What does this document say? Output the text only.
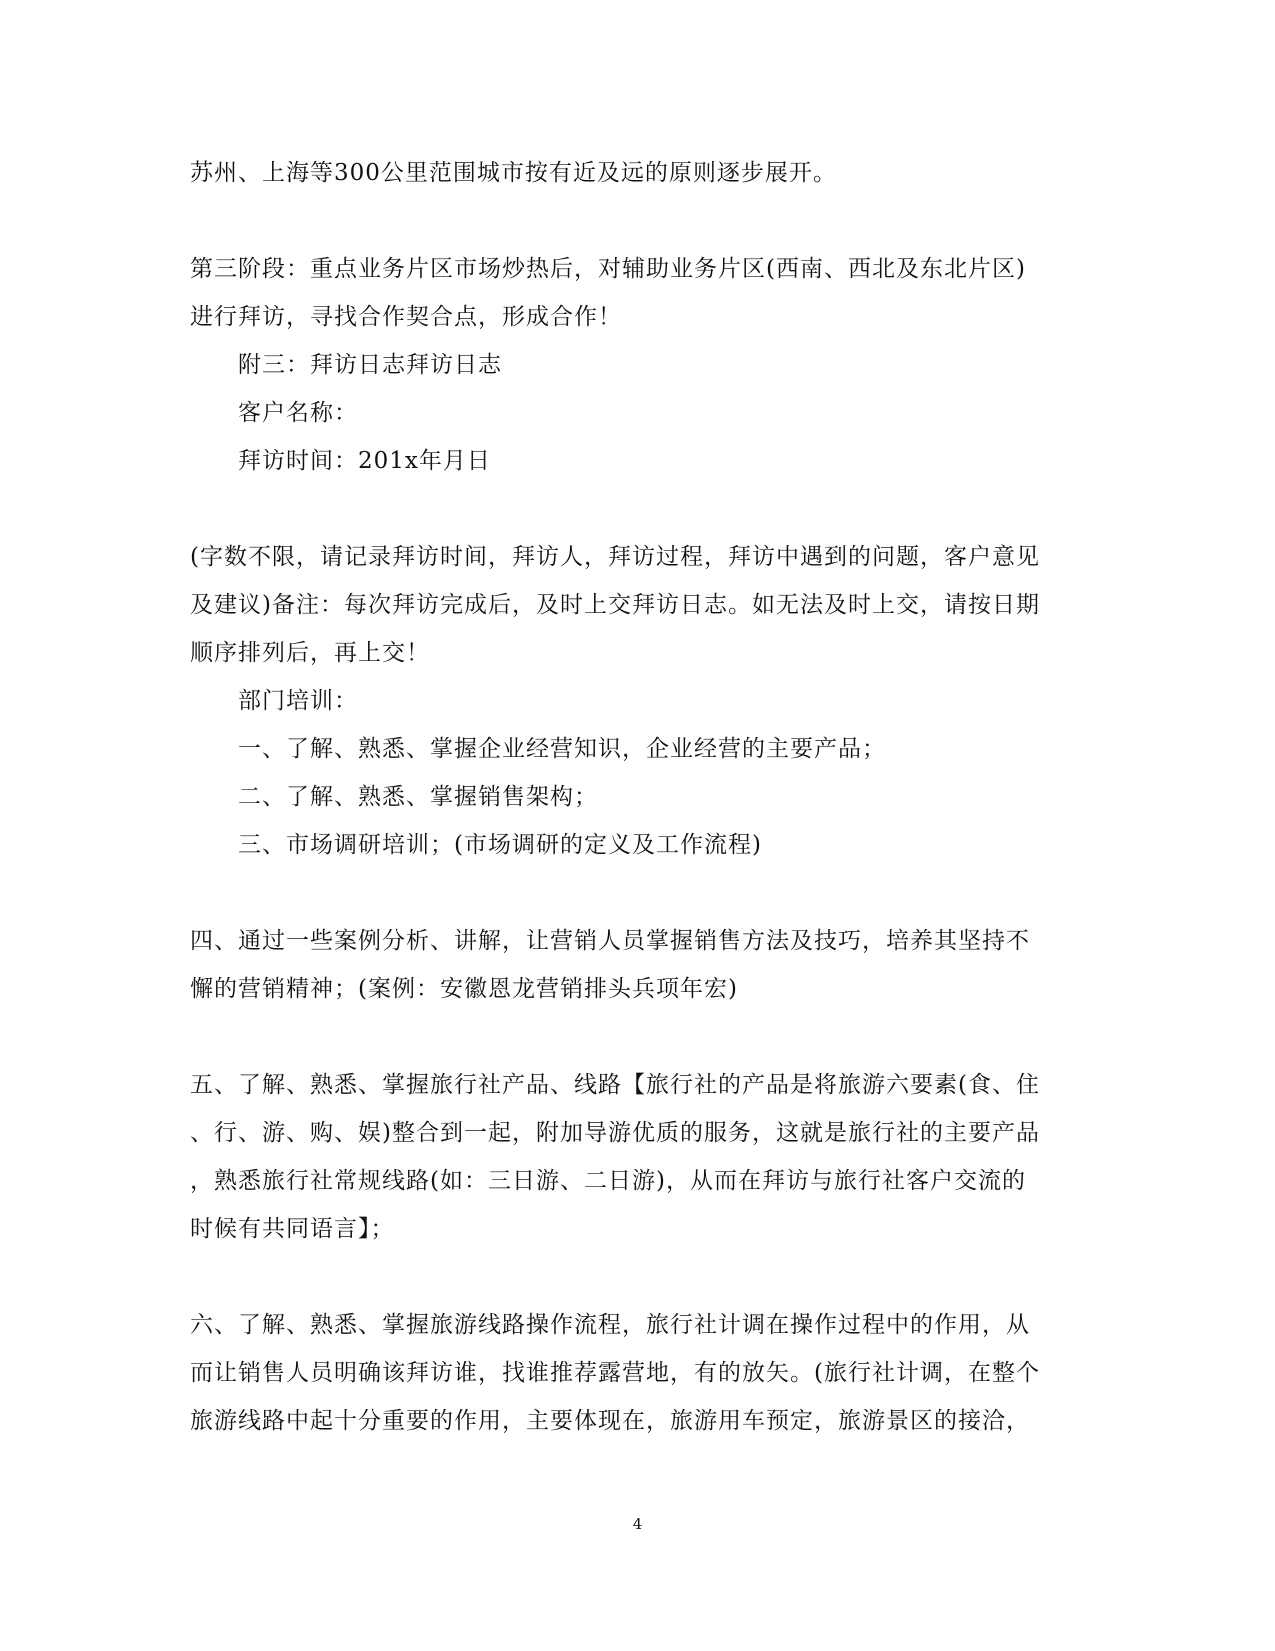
苏州、上海等300公里范围城市按有近及远的原则逐步展开。
第三阶段：重点业务片区市场炒热后，对辅助业务片区(西南、西北及东北片区)
进行拜访，寻找合作契合点，形成合作！
附三：拜访日志拜访日志
客户名称：
拜访时间：201x年月日
(字数不限，请记录拜访时间，拜访人，拜访过程，拜访中遇到的问题，客户意见
及建议)备注：每次拜访完成后，及时上交拜访日志。如无法及时上交，请按日期
顺序排列后，再上交！
部门培训：
一、了解、熟悉、掌握企业经营知识，企业经营的主要产品；
二、了解、熟悉、掌握销售架构；
三、市场调研培训；(市场调研的定义及工作流程)
四、通过一些案例分析、讲解，让营销人员掌握销售方法及技巧，培养其坚持不
懈的营销精神；(案例：安徽恩龙营销排头兵项年宏)
五、了解、熟悉、掌握旅行社产品、线路【旅行社的产品是将旅游六要素(食、住
、行、游、购、娱)整合到一起，附加导游优质的服务，这就是旅行社的主要产品
，熟悉旅行社常规线路(如：三日游、二日游)，从而在拜访与旅行社客户交流的
时候有共同语言】；
六、了解、熟悉、掌握旅游线路操作流程，旅行社计调在操作过程中的作用，从
而让销售人员明确该拜访谁，找谁推荐露营地，有的放矢。(旅行社计调，在整个
旅游线路中起十分重要的作用，主要体现在，旅游用车预定，旅游景区的接洽，
4
